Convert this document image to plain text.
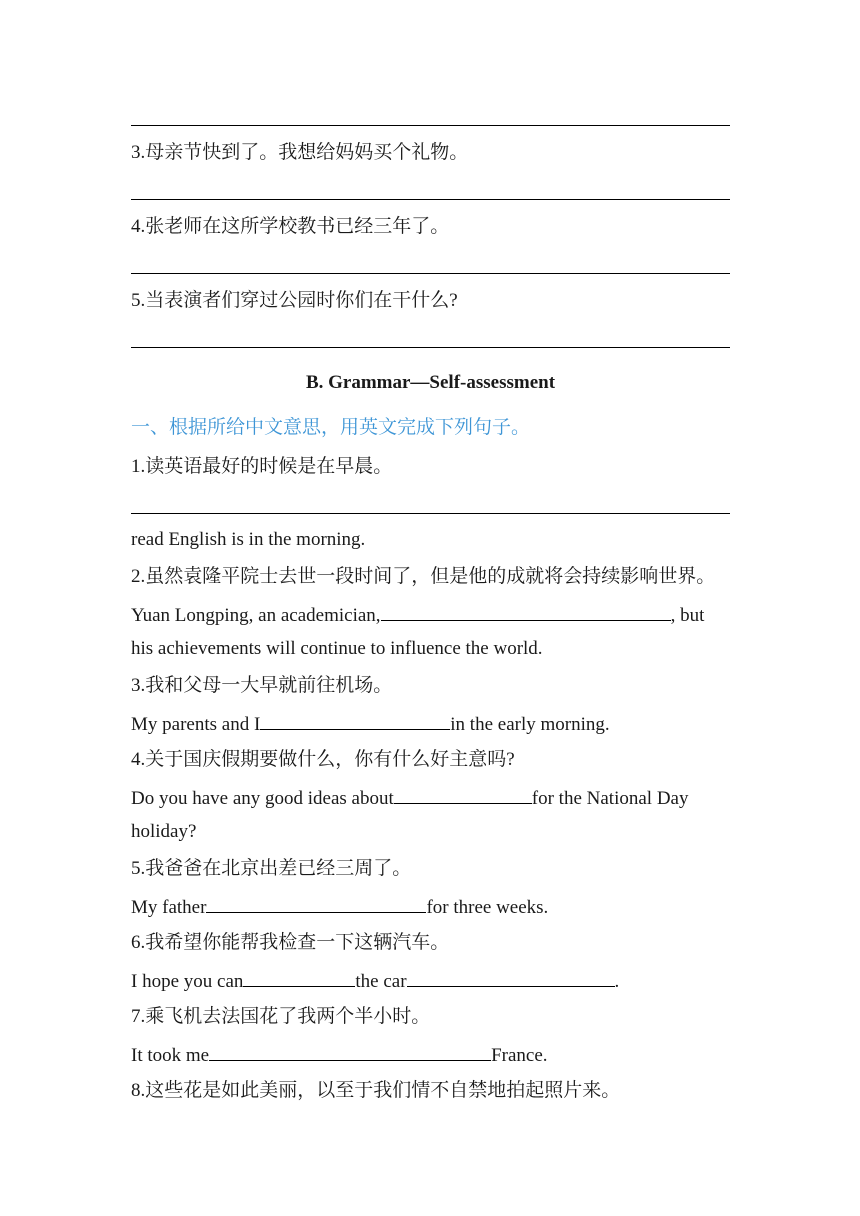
3.母亲节快到了。我想给妈妈买个礼物。
4.张老师在这所学校教书已经三年了。
5.当表演者们穿过公园时你们在干什么?
B. Grammar—Self-assessment
一、根据所给中文意思，用英文完成下列句子。
1.读英语最好的时候是在早晨。
read English is in the morning.
2.虽然袁隆平院士去世一段时间了，但是他的成就将会持续影响世界。
Yuan Longping, an academician,	, but
his achievements will continue to influence the world.
3.我和父母一大早就前往机场。
My parents and I	in the early morning.
4.关于国庆假期要做什么，你有什么好主意吗?
Do you have any good ideas about	for the National Day
holiday?
5.我爸爸在北京出差已经三周了。
My father	for three weeks.
6.我希望你能帮我检查一下这辆汽车。
I hope you can	the car	.
7.乘飞机去法国花了我两个半小时。
It took me	France.
8.这些花是如此美丽，以至于我们情不自禁地拍起照片来。
